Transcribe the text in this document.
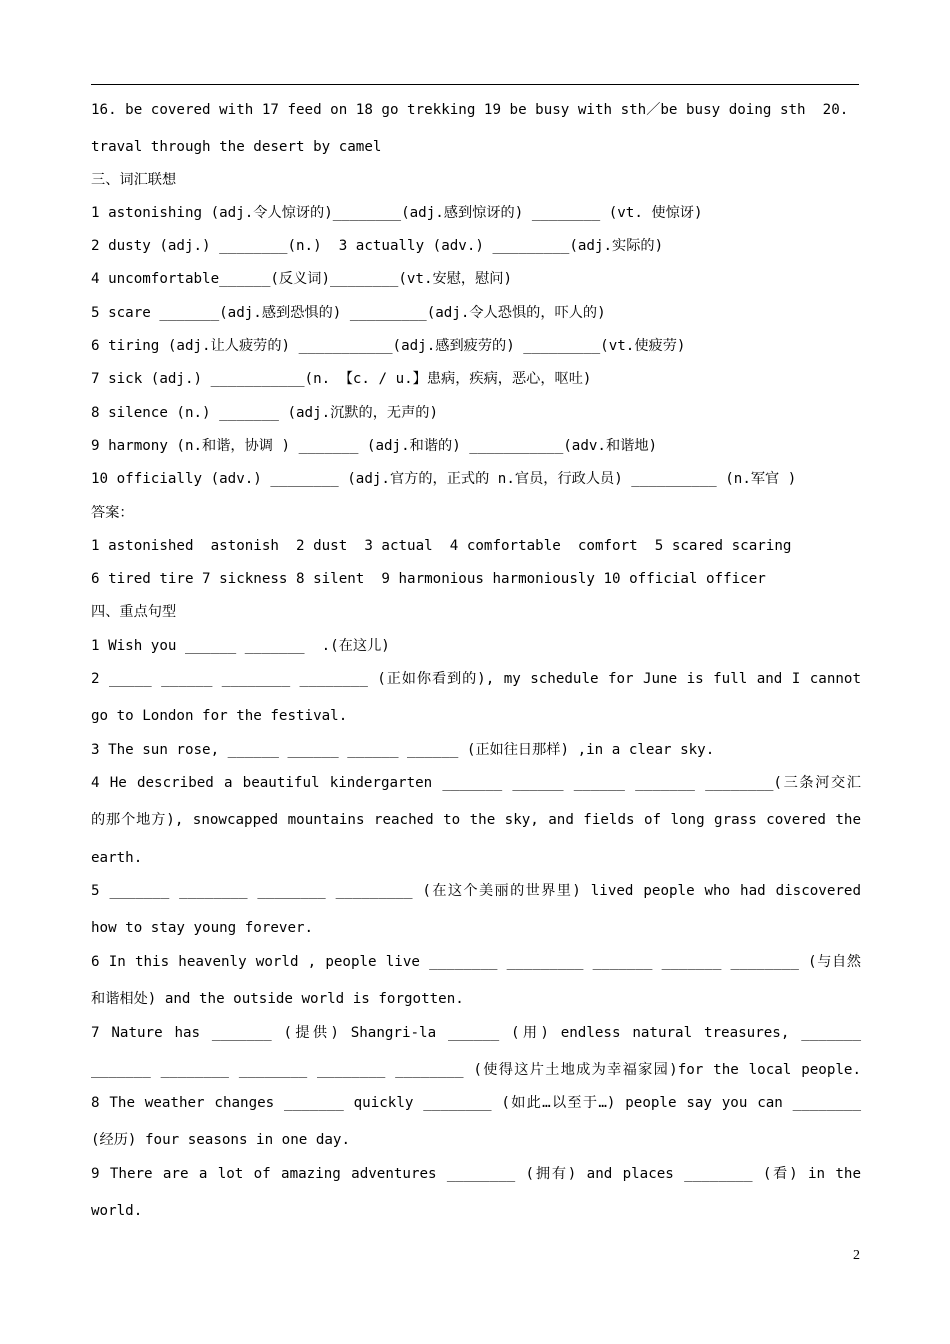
16. be covered with 17 feed on 18 go trekking 19 be busy with sth／be busy doing sth  20.
traval through the desert by camel
三、词汇联想
1 astonishing (adj.令人惊讶的)________(adj.感到惊讶的) ________ (vt. 使惊讶)
2 dusty (adj.) ________(n.)  3 actually (adv.) _________(adj.实际的)
4 uncomfortable______(反义词)________(vt.安慰，慰问)
5 scare _______(adj.感到恐惧的) _________(adj.令人恐惧的，吓人的)
6 tiring (adj.让人疲劳的) ___________(adj.感到疲劳的) _________(vt.使疲劳)
7 sick (adj.) ___________(n. 【c. / u.】患病，疾病，恶心，呕吐)
8 silence (n.) _______ (adj.沉默的，无声的)
9 harmony (n.和谐，协调 ) _______ (adj.和谐的) ___________(adv.和谐地)
10 officially (adv.) ________ (adj.官方的，正式的 n.官员，行政人员) __________ (n.军官 )
答案：
1 astonished  astonish  2 dust  3 actual  4 comfortable  comfort  5 scared scaring
6 tired tire 7 sickness 8 silent  9 harmonious harmoniously 10 official officer
四、重点句型
1 Wish you ______ _______  .(在这儿)
2 _____ ______ ________ ________ (正如你看到的), my schedule for June is full and I cannot
go to London for the festival.
3 The sun rose, ______ ______ ______ ______ (正如往日那样) ,in a clear sky.
4 He described a beautiful kindergarten _______ ______ ______ _______ ________(三条河交汇
的那个地方), snowcapped mountains reached to the sky, and fields of long grass covered the
earth.
5 _______ ________ ________ _________ (在这个美丽的世界里) lived people who had discovered
how to stay young forever.
6 In this heavenly world , people live ________ _________ _______ _______ ________ (与自然
和谐相处) and the outside world is forgotten.
7 Nature has _______ (提供) Shangri-la ______ (用) endless natural treasures, _______
_______ ________ ________ ________ ________ (使得这片土地成为幸福家园)for the local people.
8 The weather changes _______ quickly ________ (如此…以至于…) people say you can ________
(经历) four seasons in one day.
9 There are a lot of amazing adventures ________ (拥有) and places ________ (看) in the
world.
2
